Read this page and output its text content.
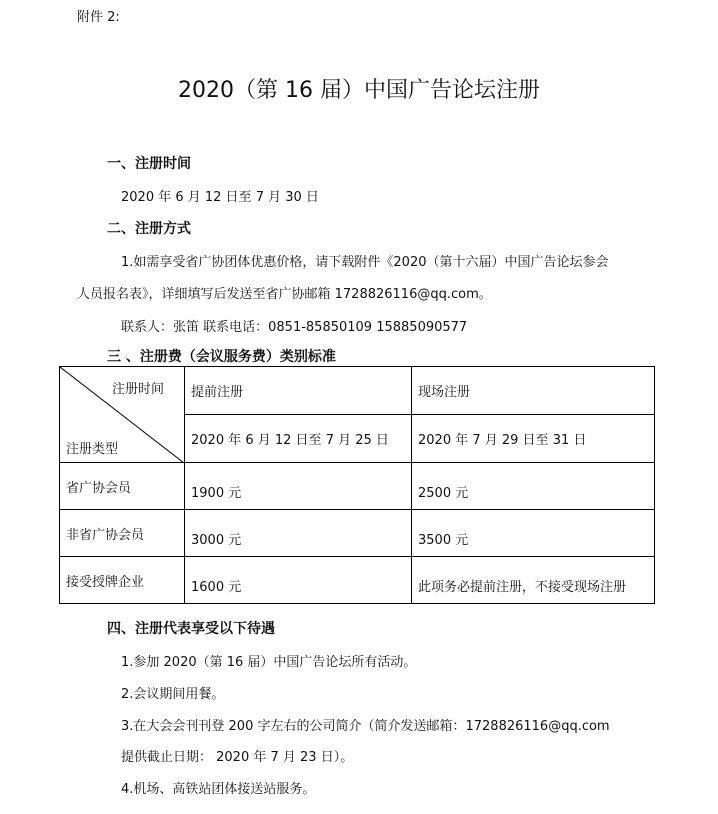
附件 2:
2020（第 16 届）中国广告论坛注册
一、注册时间
2020 年 6 月 12 日至 7 月 30 日
二、注册方式
1.如需享受省广协团体优惠价格，请下载附件《2020（第十六届）中国广告论坛参会
人员报名表》，详细填写后发送至省广协邮箱 1728826116@qq.com。
联系人：张笛 联系电话：0851-85850109 15885090577
三 、注册费（会议服务费）类别标准
注册时间
注册类型	提前注册	现场注册
	2020 年 6 月 12 日至 7 月 25 日	2020 年 7 月 29 日至 31 日
省广协会员	1900 元	2500 元
非省广协会员	3000 元	3500 元
接受授牌企业	1600 元	此项务必提前注册，不接受现场注册
四、注册代表享受以下待遇
1.参加 2020（第 16 届）中国广告论坛所有活动。
2.会议期间用餐。
3.在大会会刊刊登 200 字左右的公司简介（简介发送邮箱：1728826116@qq.com
提供截止日期： 2020 年 7 月 23 日）。
4.机场、高铁站团体接送站服务。
